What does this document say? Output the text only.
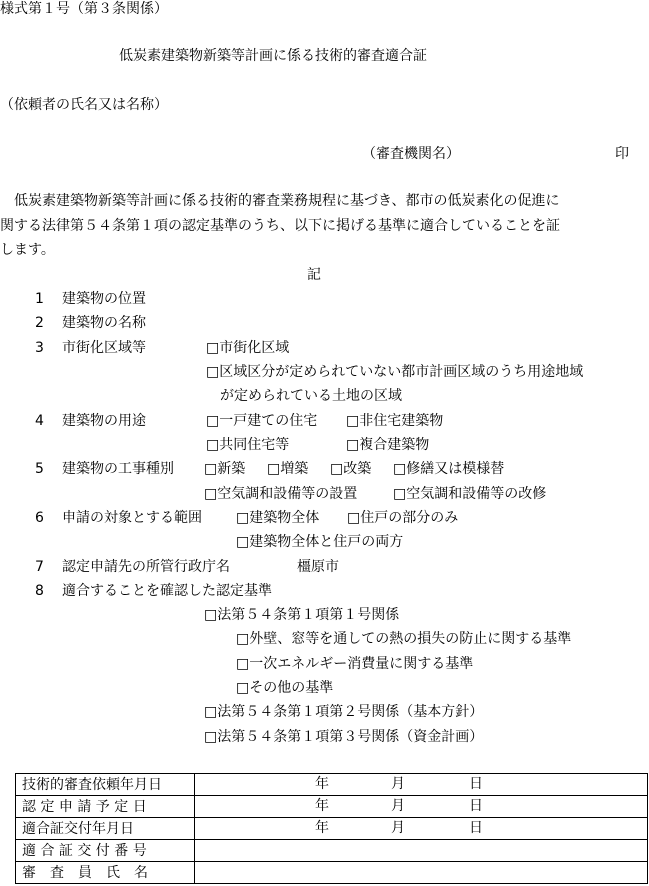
様式第１号（第３条関係）
低炭素建築物新築等計画に係る技術的審査適合証
（依頼者の氏名又は名称）
（審査機関名）	印
　低炭素建築物新築等計画に係る技術的審査業務規程に基づき、都市の低炭素化の促進に
関する法律第５４条第１項の認定基準のうち、以下に掲げる基準に適合していることを証
します。
記
1 建築物の位置
2 建築物の名称
3 市街化区域等 □	市街化区域
□ 区域区分が定められていない都市計画区域のうち用途地域
が定められている土地の区域
4 建築物の用途 □	一戸建ての住宅 □	非住宅建築物
□ 共同住宅等 □	複合建築物
5 建築物の工事種別 □	新築 □	増築 □	改築 □	修繕又は模様替
□ 空気調和設備等の設置 □	空気調和設備等の改修
6 申請の対象とする範囲 □	建築物全体 □	住戸の部分のみ
□ 建築物全体と住戸の両方
7 認定申請先の所管行政庁名	橿原市
8 適合することを確認した認定基準
□ 法第５４条第１項第１号関係
□ 外壁、窓等を通しての熱の損失の防止に関する基準
□ 一次エネルギー消費量に関する基準
□ その他の基準
□ 法第５４条第１項第２号関係（基本方針）
□ 法第５４条第１項第３号関係（資金計画）
技術的審査依頼年月日	年 月 日

認 定 申 請 予 定 日	年 月 日

適合証交付年月日	年 月 日

適 合 証 交 付 番 号	
審　査　員　氏　名	
